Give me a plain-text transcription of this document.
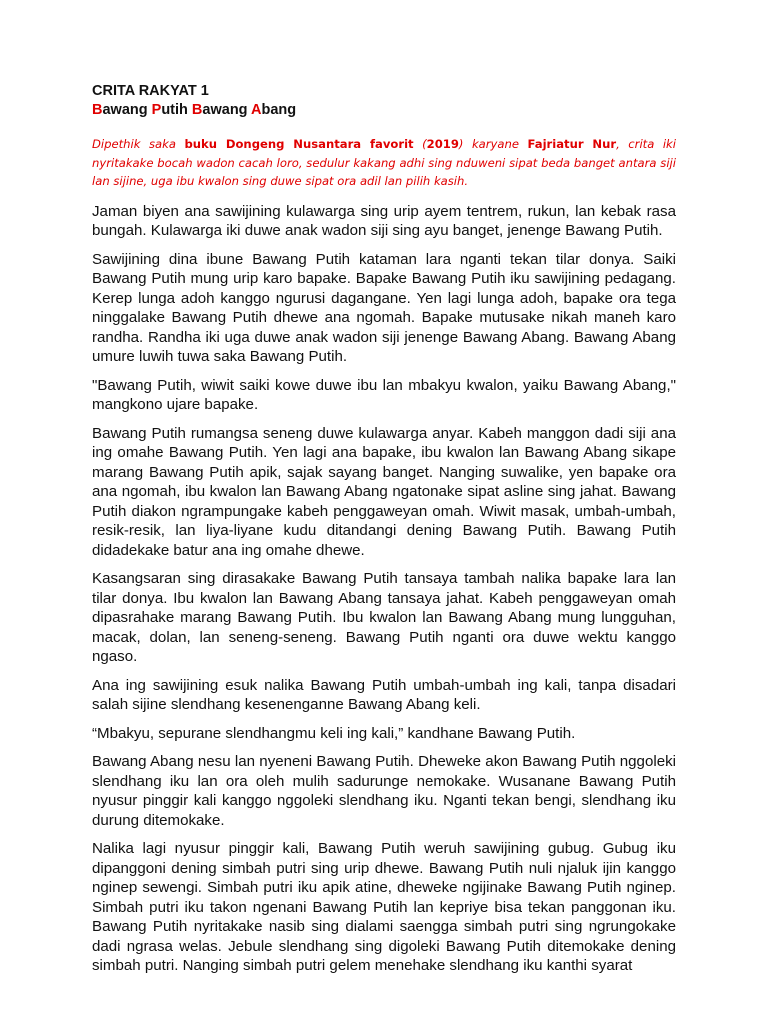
CRITA RAKYAT 1

Bawang Putih Bawang Abang

Dipethik saka buku Dongeng Nusantara favorit (2019) karyane Fajriatur Nur, crita iki nyritakake bocah wadon cacah loro, sedulur kakang adhi sing nduweni sipat beda banget antara siji lan sijine, uga ibu kwalon sing duwe sipat ora adil lan pilih kasih.

Jaman biyen ana sawijining kulawarga sing urip ayem tentrem, rukun, lan kebak rasa bungah. Kulawarga iki duwe anak wadon siji sing ayu banget, jenenge Bawang Putih.

Sawijining dina ibune Bawang Putih kataman lara nganti tekan tilar donya. Saiki Bawang Putih mung urip karo bapake. Bapake Bawang Putih iku sawijining pedagang. Kerep lunga adoh kanggo ngurusi dagangane. Yen lagi lunga adoh, bapake ora tega ninggalake Bawang Putih dhewe ana ngomah. Bapake mutusake nikah maneh karo randha. Randha iki uga duwe anak wadon siji jenenge Bawang Abang. Bawang Abang umure luwih tuwa saka Bawang Putih.

"Bawang Putih, wiwit saiki kowe duwe ibu lan mbakyu kwalon, yaiku Bawang Abang," mangkono ujare bapake.

Bawang Putih rumangsa seneng duwe kulawarga anyar. Kabeh manggon dadi siji ana ing omahe Bawang Putih. Yen lagi ana bapake, ibu kwalon lan Bawang Abang sikape marang Bawang Putih apik, sajak sayang banget. Nanging suwalike, yen bapake ora ana ngomah, ibu kwalon lan Bawang Abang ngatonake sipat asline sing jahat. Bawang Putih diakon ngrampungake kabeh penggaweyan omah. Wiwit masak, umbah-umbah, resik-resik, lan liya-liyane kudu ditandangi dening Bawang Putih. Bawang Putih didadekake batur ana ing omahe dhewe.

Kasangsaran sing dirasakake Bawang Putih tansaya tambah nalika bapake lara lan tilar donya. Ibu kwalon lan Bawang Abang tansaya jahat. Kabeh penggaweyan omah dipasrahake marang Bawang Putih. Ibu kwalon lan Bawang Abang mung lungguhan, macak, dolan, lan seneng-seneng. Bawang Putih nganti ora duwe wektu kanggo ngaso.

Ana ing sawijining esuk nalika Bawang Putih umbah-umbah ing kali, tanpa disadari salah sijine slendhang kesenenganne Bawang Abang keli.

“Mbakyu, sepurane slendhangmu keli ing kali,” kandhane Bawang Putih.

Bawang Abang nesu lan nyeneni Bawang Putih. Dheweke akon Bawang Putih nggoleki slendhang iku lan ora oleh mulih sadurunge nemokake. Wusanane Bawang Putih nyusur pinggir kali kanggo nggoleki slendhang iku. Nganti tekan bengi, slendhang iku durung ditemokake.

Nalika lagi nyusur pinggir kali, Bawang Putih weruh sawijining gubug. Gubug iku dipanggoni dening simbah putri sing urip dhewe. Bawang Putih nuli njaluk ijin kanggo nginep sewengi. Simbah putri iku apik atine, dheweke ngijinake Bawang Putih nginep. Simbah putri iku takon ngenani Bawang Putih lan kepriye bisa tekan panggonan iku. Bawang Putih nyritakake nasib sing dialami saengga simbah putri sing ngrungokake dadi ngrasa welas. Jebule slendhang sing digoleki Bawang Putih ditemokake dening simbah putri. Nanging simbah putri gelem menehake slendhang iku kanthi syarat
